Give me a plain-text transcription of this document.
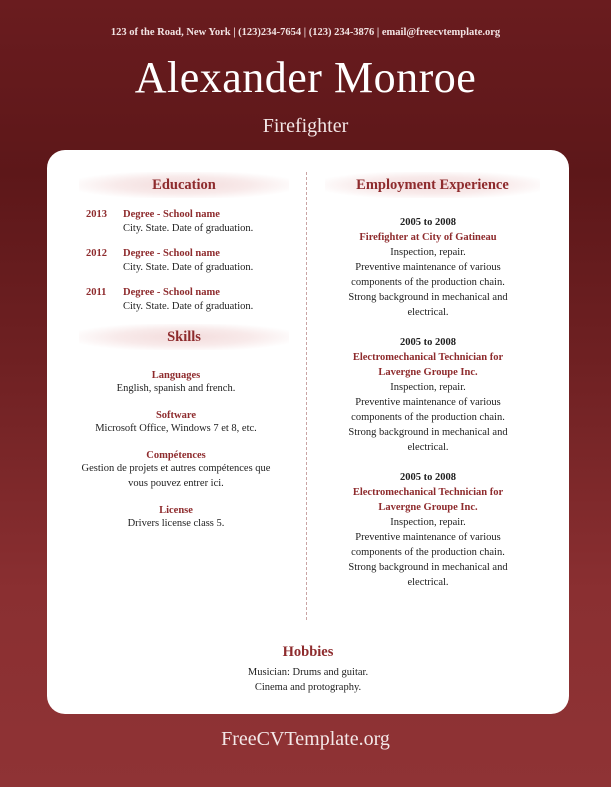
123 of the Road, New York | (123)234-7654 | (123) 234-3876 | email@freecvtemplate.org
Alexander Monroe
Firefighter
Education
2013 Degree - School name
City. State. Date of graduation.
2012 Degree - School name
City. State. Date of graduation.
2011 Degree - School name
City. State. Date of graduation.
Skills
Languages
English, spanish and french.
Software
Microsoft Office, Windows 7 et 8, etc.
Compétences
Gestion de projets et autres compétences que
vous pouvez entrer ici.
License
Drivers license class 5.
Employment Experience
2005 to 2008
Firefighter at City of Gatineau
Inspection, repair.
Preventive maintenance of various
components of the production chain.
Strong background in mechanical and
electrical.
2005 to 2008
Electromechanical Technician for
Lavergne Groupe Inc.
Inspection, repair.
Preventive maintenance of various
components of the production chain.
Strong background in mechanical and
electrical.
2005 to 2008
Electromechanical Technician for
Lavergne Groupe Inc.
Inspection, repair.
Preventive maintenance of various
components of the production chain.
Strong background in mechanical and
electrical.
Hobbies
Musician: Drums and guitar.
Cinema and protography.
FreeCVTemplate.org
